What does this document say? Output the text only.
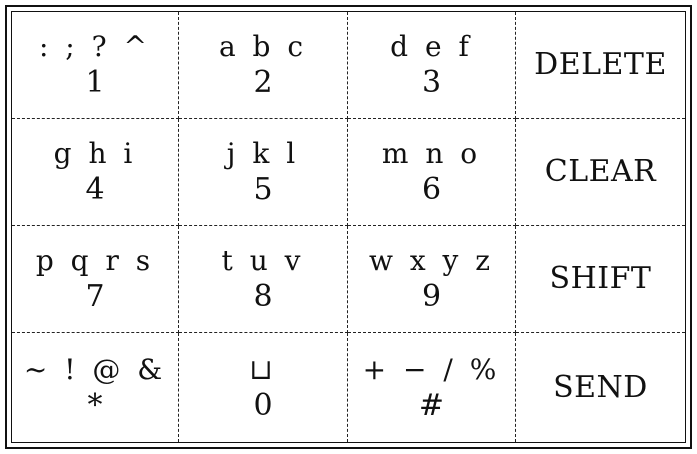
: ; ? ^
1
a b c
2
d e f
3
DELETE
g h i
4
j k l
5
m n o
6
CLEAR
p q r s
7
t u v
8
w x y z
9
SHIFT
~ ! @ &
*
⊔
0
+ − / %
#
SEND
